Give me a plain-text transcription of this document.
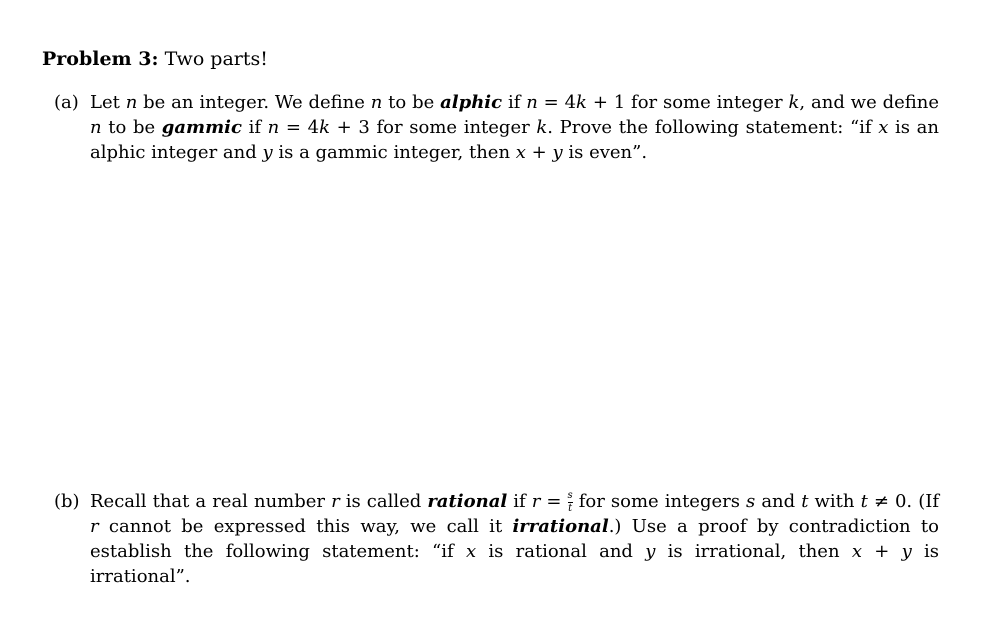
Problem 3: Two parts!
(a) Let n be an integer. We define n to be alphic if n = 4k + 1 for some integer k, and we define n to be gammic if n = 4k + 3 for some integer k. Prove the following statement: “if x is an alphic integer and y is a gammic integer, then x + y is even”.
(b) Recall that a real number r is called rational if $r = \frac{s}{t}$ for some integers s and t with t ≠ 0. (If r cannot be expressed this way, we call it irrational.) Use a proof by contradiction to establish the following statement: “if x is rational and y is irrational, then x + y is irrational”.
